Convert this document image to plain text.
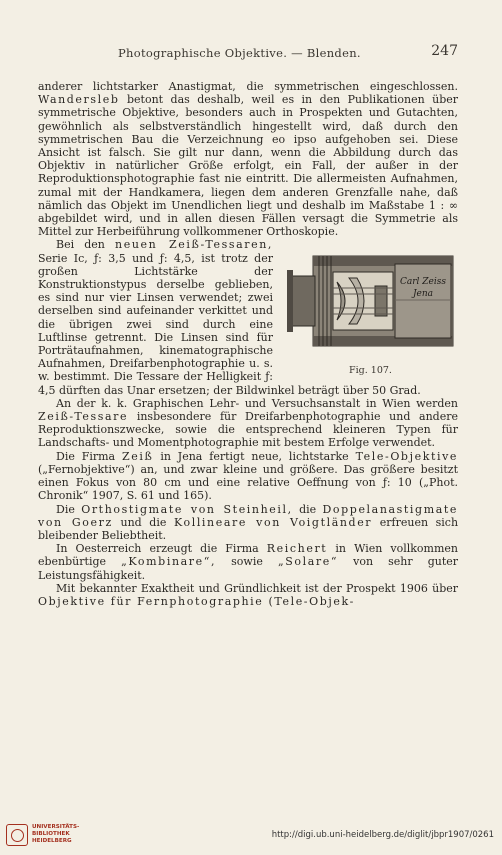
Photographische Objektive. — Blenden.	247

anderer lichtstarker Anastigmat, die symmetrischen eingeschlossen. Wandersleb betont das deshalb, weil es in den Publikationen über symmetrische Objektive, besonders auch in Prospekten und Gutachten, gewöhnlich als selbstverständlich hingestellt wird, daß durch den symmetrischen Bau die Verzeichnung eo ipso aufgehoben sei. Diese Ansicht ist falsch. Sie gilt nur dann, wenn die Abbildung durch das Objektiv in natürlicher Größe erfolgt, ein Fall, der außer in der Reproduktionsphotographie fast nie eintritt. Die allermeisten Aufnahmen, zumal mit der Handkamera, liegen dem anderen Grenzfalle nahe, daß nämlich das Objekt im Unendlichen liegt und deshalb im Maßstabe 1 : ∞ abgebildet wird, und in allen diesen Fällen versagt die Symmetrie als Mittel zur Herbeiführung vollkommener Orthoskopie.

Carl Zeiss
Jena
Fig. 107.

Bei den neuen Zeiß-Tessaren, Serie Ic, ƒ: 3,5 und ƒ: 4,5, ist trotz der großen Lichtstärke der Konstruktionstypus derselbe geblieben, es sind nur vier Linsen verwendet; zwei derselben sind aufeinander verkittet und die übrigen zwei sind durch eine Luftlinse getrennt. Die Linsen sind für Porträtaufnahmen, kinematographische Aufnahmen, Dreifarbenphotographie u. s. w. bestimmt. Die Tessare der Helligkeit ƒ: 4,5 dürften das Unar ersetzen; der Bildwinkel beträgt über 50 Grad.

An der k. k. Graphischen Lehr- und Versuchsanstalt in Wien werden Zeiß-Tessare insbesondere für Dreifarbenphotographie und andere Reproduktionszwecke, sowie die entsprechend kleineren Typen für Landschafts- und Momentphotographie mit bestem Erfolge verwendet.

Die Firma Zeiß in Jena fertigt neue, lichtstarke Tele-Objektive („Fernobjektive“) an, und zwar kleine und größere. Das größere besitzt einen Fokus von 80 cm und eine relative Oeffnung von ƒ: 10 („Phot. Chronik“ 1907, S. 61 und 165).

Die Orthostigmate von Steinheil, die Doppelanastigmate von Goerz und die Kollineare von Voigtländer erfreuen sich bleibender Beliebtheit.

In Oesterreich erzeugt die Firma Reichert in Wien vollkommen ebenbürtige „Kombinare“, sowie „Solare“ von sehr guter Leistungsfähigkeit.

Mit bekannter Exaktheit und Gründlichkeit ist der Prospekt 1906 über Objektive für Fernphotographie (Tele-Objek-

UNIVERSITÄTS-
BIBLIOTHEK
HEIDELBERG
http://digi.ub.uni-heidelberg.de/diglit/jbpr1907/0261
